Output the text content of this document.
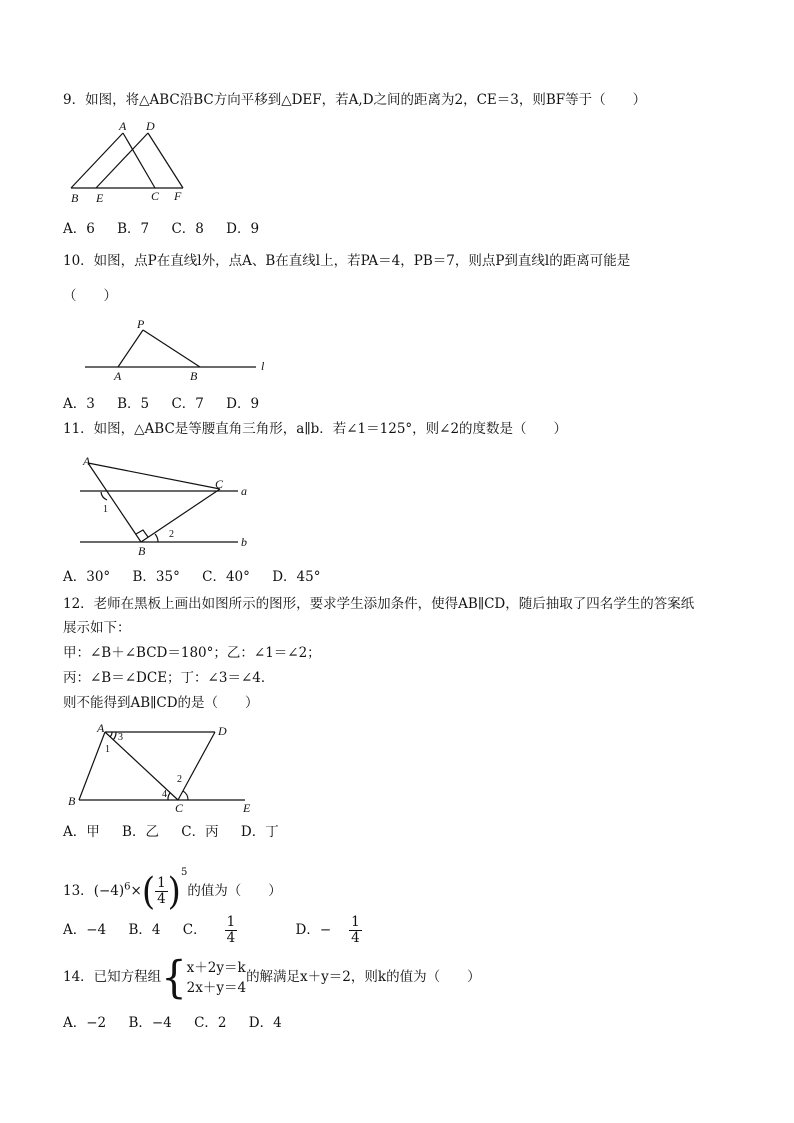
9．如图，将△ABC沿BC方向平移到△DEF，若A,D之间的距离为2，CE＝3，则BF等于（　　）
A D
B E	C F
A．6 B．7 C．8 D．9
10．如图，点P在直线l外，点A、B在直线l上，若PA＝4，PB＝7，则点P到直线l的距离可能是
（　　）
P
A	B
l
A．3 B．5 C．7 D．9
11．如图，△ABC是等腰直角三角形，a∥b．若∠1＝125°，则∠2的度数是（　　）
A
C a
1
B
2
b
A．30° B．35° C．40° D．45°
12．老师在黑板上画出如图所示的图形，要求学生添加条件，使得AB∥CD，随后抽取了四名学生的答案纸
展示如下：
甲：∠B＋∠BCD＝180°；乙：∠1＝∠2；
丙：∠B＝∠DCE；丁：∠3＝∠4．
则不能得到AB∥CD的是（　　）
A
3	D
1
2
4
B	C	E
A．甲 B．乙 C．丙 D．丁
13．$(-4)^6\times( \frac{1}{4} )^5$的值为（　　）
A．−4 B．4 C． $\frac{1}{4}$	D．− $\frac{1}{4}$
14．已知方程组{ x＋2y＝k
2x＋y＝4
的解满足x＋y＝2，则k的值为（　　）
A．−2 B．−4 C．2 D．4
